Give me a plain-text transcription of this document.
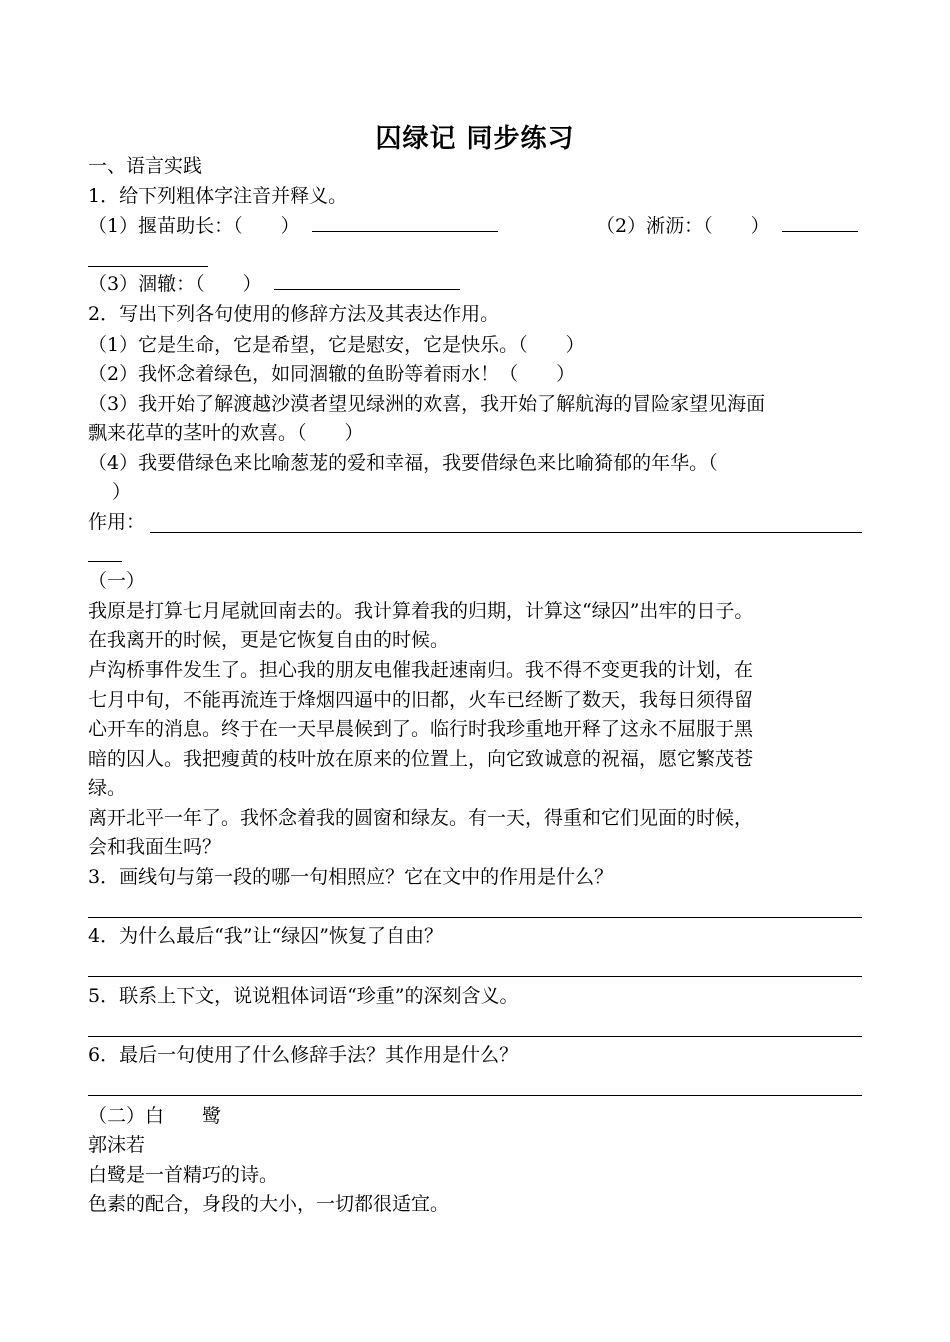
囚绿记 同步练习
一、语言实践
1．给下列粗体字注音并释义。
（1）揠苗助长：（　　）	（2）淅沥：（　　）
（3）涸辙：（　　）
2．写出下列各句使用的修辞方法及其表达作用。
（1）它是生命，它是希望，它是慰安，它是快乐。（　　）
（2）我怀念着绿色，如同涸辙的鱼盼等着雨水！（　　）
（3）我开始了解渡越沙漠者望见绿洲的欢喜，我开始了解航海的冒险家望见海面
飘来花草的茎叶的欢喜。（　　）
（4）我要借绿色来比喻葱茏的爱和幸福，我要借绿色来比喻猗郁的年华。（
）
作用：
（一）
我原是打算七月尾就回南去的。我计算着我的归期，计算这“绿囚”出牢的日子。
在我离开的时候，更是它恢复自由的时候。
卢沟桥事件发生了。担心我的朋友电催我赶速南归。我不得不变更我的计划，在
七月中旬，不能再流连于烽烟四逼中的旧都，火车已经断了数天，我每日须得留
心开车的消息。终于在一天早晨候到了。临行时我珍重地开释了这永不屈服于黑
暗的囚人。我把瘦黄的枝叶放在原来的位置上，向它致诚意的祝福，愿它繁茂苍
绿。
离开北平一年了。我怀念着我的圆窗和绿友。有一天，得重和它们见面的时候，
会和我面生吗？
3．画线句与第一段的哪一句相照应？它在文中的作用是什么？
4．为什么最后“我”让“绿囚”恢复了自由？
5．联系上下文，说说粗体词语“珍重”的深刻含义。
6．最后一句使用了什么修辞手法？其作用是什么？
（二）白　　鹭
郭沫若
白鹭是一首精巧的诗。
色素的配合，身段的大小，一切都很适宜。
